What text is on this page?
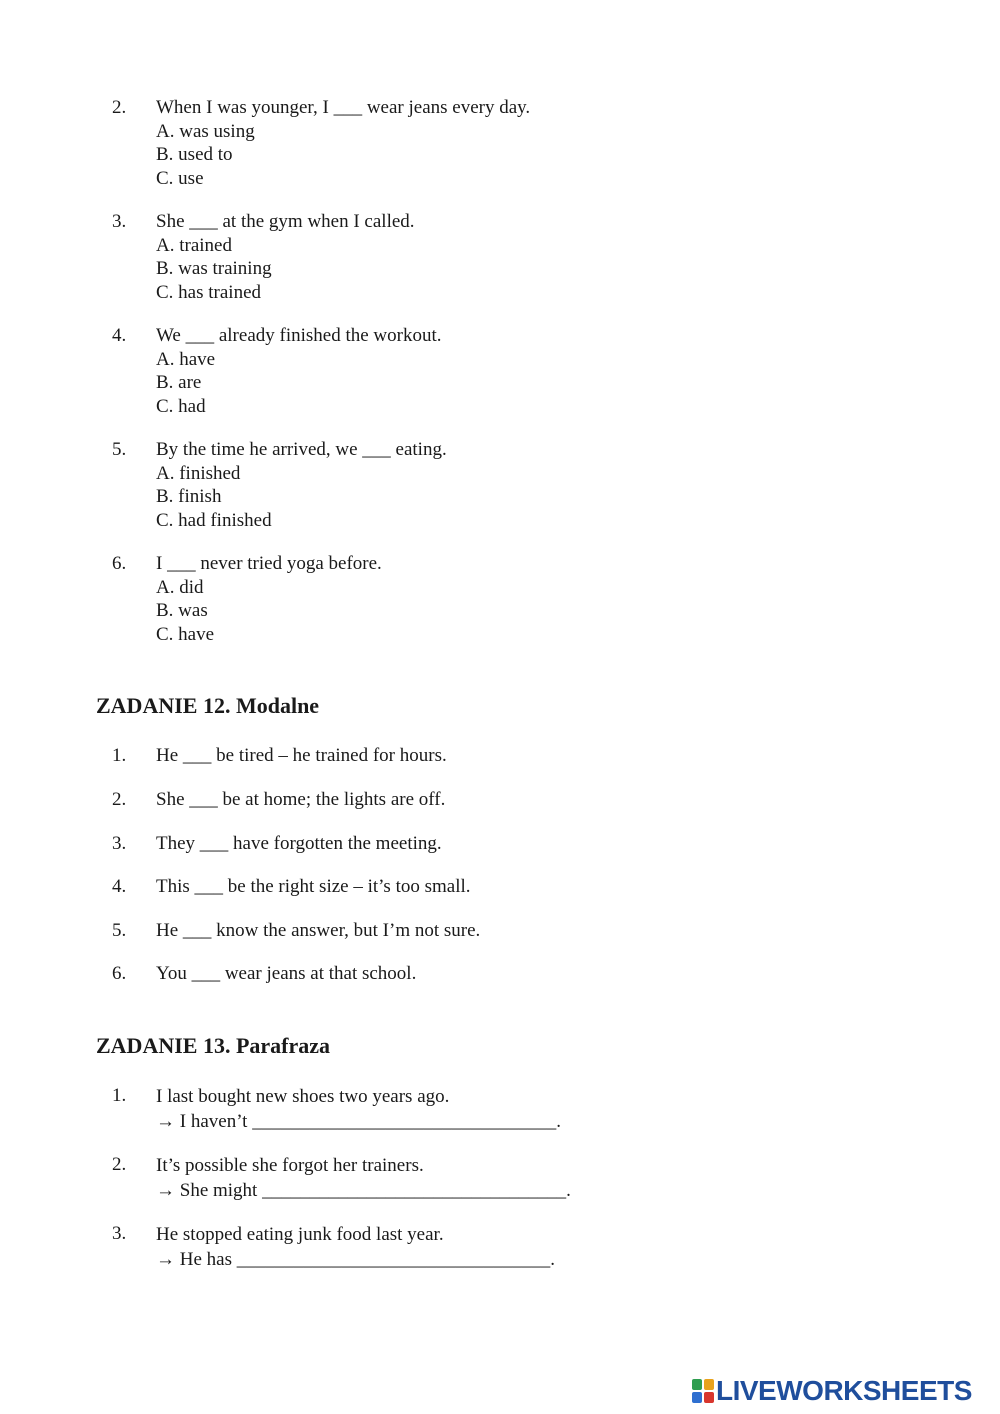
2.	When I was younger, I ___ wear jeans every day.
A. was using
B. used to
C. use
3.	She ___ at the gym when I called.
A. trained
B. was training
C. has trained
4.	We ___ already finished the workout.
A. have
B. are
C. had
5.	By the time he arrived, we ___ eating.
A. finished
B. finish
C. had finished
6.	I ___ never tried yoga before.
A. did
B. was
C. have
ZADANIE 12. Modalne
1.	He ___ be tired – he trained for hours.
2.	She ___ be at home; the lights are off.
3.	They ___ have forgotten the meeting.
4.	This ___ be the right size – it’s too small.
5.	He ___ know the answer, but I’m not sure.
6.	You ___ wear jeans at that school.
ZADANIE 13. Parafraza
1.	I last bought new shoes two years ago.
→ I haven’t ________________________________.
2.	It’s possible she forgot her trainers.
→ She might ________________________________.
3.	He stopped eating junk food last year.
→ He has _________________________________.
LIVEWORKSHEETS
